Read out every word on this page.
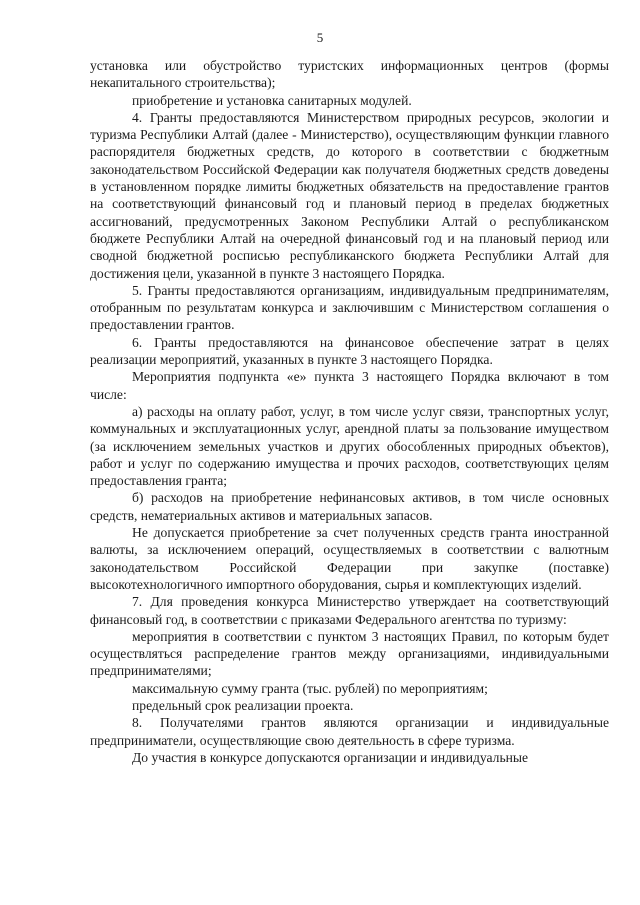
5

установка или обустройство туристских информационных центров (формы некапитального строительства);

приобретение и установка санитарных модулей.

4. Гранты предоставляются Министерством природных ресурсов, экологии и туризма Республики Алтай (далее - Министерство), осуществляющим функции главного распорядителя бюджетных средств, до которого в соответствии с бюджетным законодательством Российской Федерации как получателя бюджетных средств доведены в установленном порядке лимиты бюджетных обязательств на предоставление грантов на соответствующий финансовый год и плановый период в пределах бюджетных ассигнований, предусмотренных Законом Республики Алтай о республиканском бюджете Республики Алтай на очередной финансовый год и на плановый период или сводной бюджетной росписью республиканского бюджета Республики Алтай для достижения цели, указанной в пункте 3 настоящего Порядка.

5. Гранты предоставляются организациям, индивидуальным предпринимателям, отобранным по результатам конкурса и заключившим с Министерством соглашения о предоставлении грантов.

6. Гранты предоставляются на финансовое обеспечение затрат в целях реализации мероприятий, указанных в пункте 3 настоящего Порядка.

Мероприятия подпункта «е» пункта 3 настоящего Порядка включают в том числе:

а) расходы на оплату работ, услуг, в том числе услуг связи, транспортных услуг, коммунальных и эксплуатационных услуг, арендной платы за пользование имуществом (за исключением земельных участков и других обособленных природных объектов), работ и услуг по содержанию имущества и прочих расходов, соответствующих целям предоставления гранта;

б) расходов на приобретение нефинансовых активов, в том числе основных средств, нематериальных активов и материальных запасов.

Не допускается приобретение за счет полученных средств гранта иностранной валюты, за исключением операций, осуществляемых в соответствии с валютным законодательством Российской Федерации при закупке (поставке) высокотехнологичного импортного оборудования, сырья и комплектующих изделий.

7. Для проведения конкурса Министерство утверждает на соответствующий финансовый год, в соответствии с приказами Федерального агентства по туризму:

мероприятия в соответствии с пунктом 3 настоящих Правил, по которым будет осуществляться распределение грантов между организациями, индивидуальными предпринимателями;

максимальную сумму гранта (тыс. рублей) по мероприятиям;

предельный срок реализации проекта.

8. Получателями грантов являются организации и индивидуальные предприниматели, осуществляющие свою деятельность в сфере туризма.

До участия в конкурсе допускаются организации и индивидуальные
